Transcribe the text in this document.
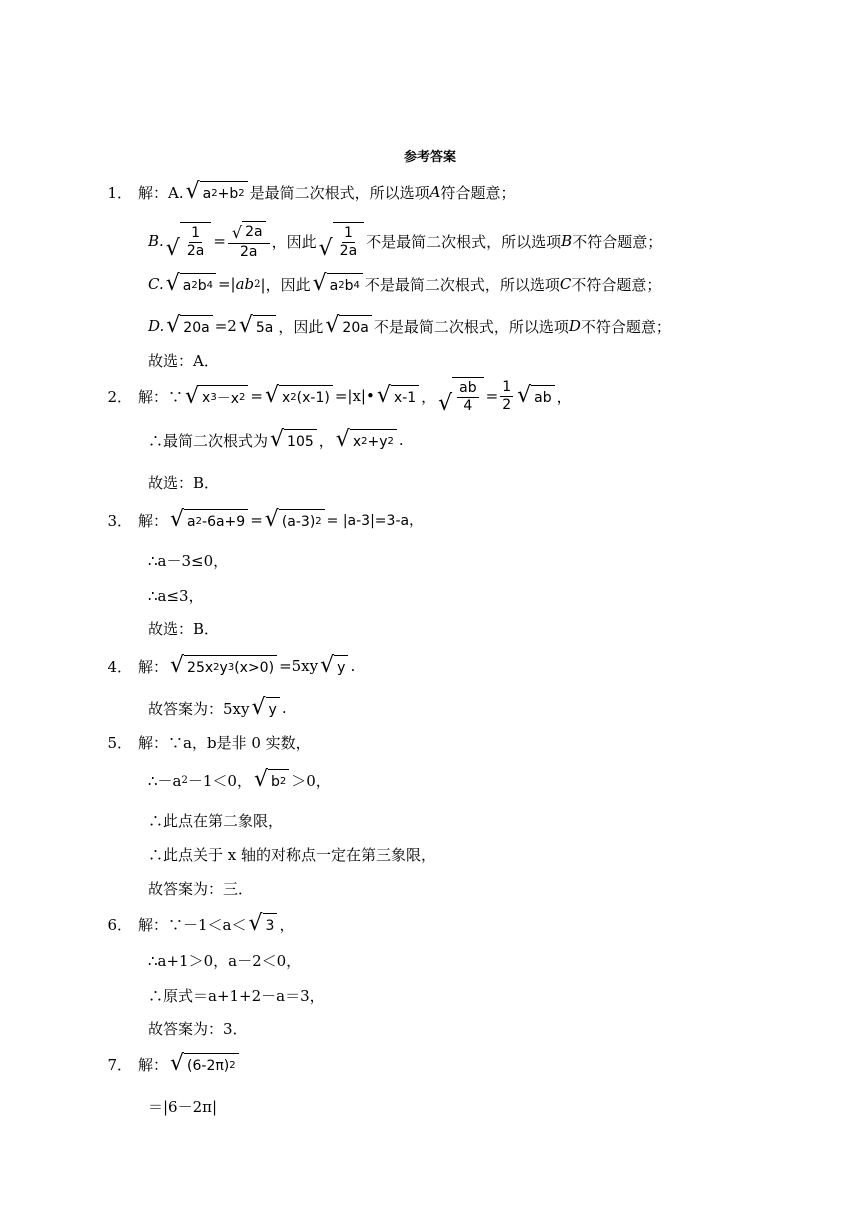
参考答案
1． 解：A. √ a 2 +b 2 是最简二次根式，所以选项 A 符合题意；
B. √ $\frac{1}{2a} = \frac{√ 2a}{2a}$ ，因此 √ $\frac{1}{2a}$ 不是最简二次根式，所以选项 B 不符合题意；
C. √ a 2 b 4 =|ab 2 |，因此 √ a 2 b 4 不是最简二次根式，所以选项 C 不符合题意；
D. √ 20a =2 √ 5a ，因此 √ 20a 不是最简二次根式，所以选项 D 不符合题意；
故选：A．
2． 解：∵ √ x 3 －x 2 = √ x 2 (x-1) =|x|• √ x-1 ， √ $\frac{ab}{4} = \frac{1}{2}$ √ ab ，
∴最简二次根式为 √ 105 ， √ x 2 +y 2 .
故选：B．
3． 解： √ a 2 -6a+9 = √ (a-3) 2 = |a-3|=3-a，
∴a－3≤0，
∴a≤3，
故选：B．
4． 解： √ 25x 2 y 3 (x>0) =5xy √ y .
故答案为：5xy √ y .
5． 解：∵a，b是非 0 实数，
∴－a 2 －1＜0， √ b 2 ＞0，
∴此点在第二象限，
∴此点关于 x 轴的对称点一定在第三象限，
故答案为：三．
6． 解：∵－1＜a＜ √ 3 ，
∴a+1＞0，a－2＜0，
∴原式＝a+1+2－a＝3，
故答案为：3．
7． 解： √ (6-2π) 2
＝|6－2π|
